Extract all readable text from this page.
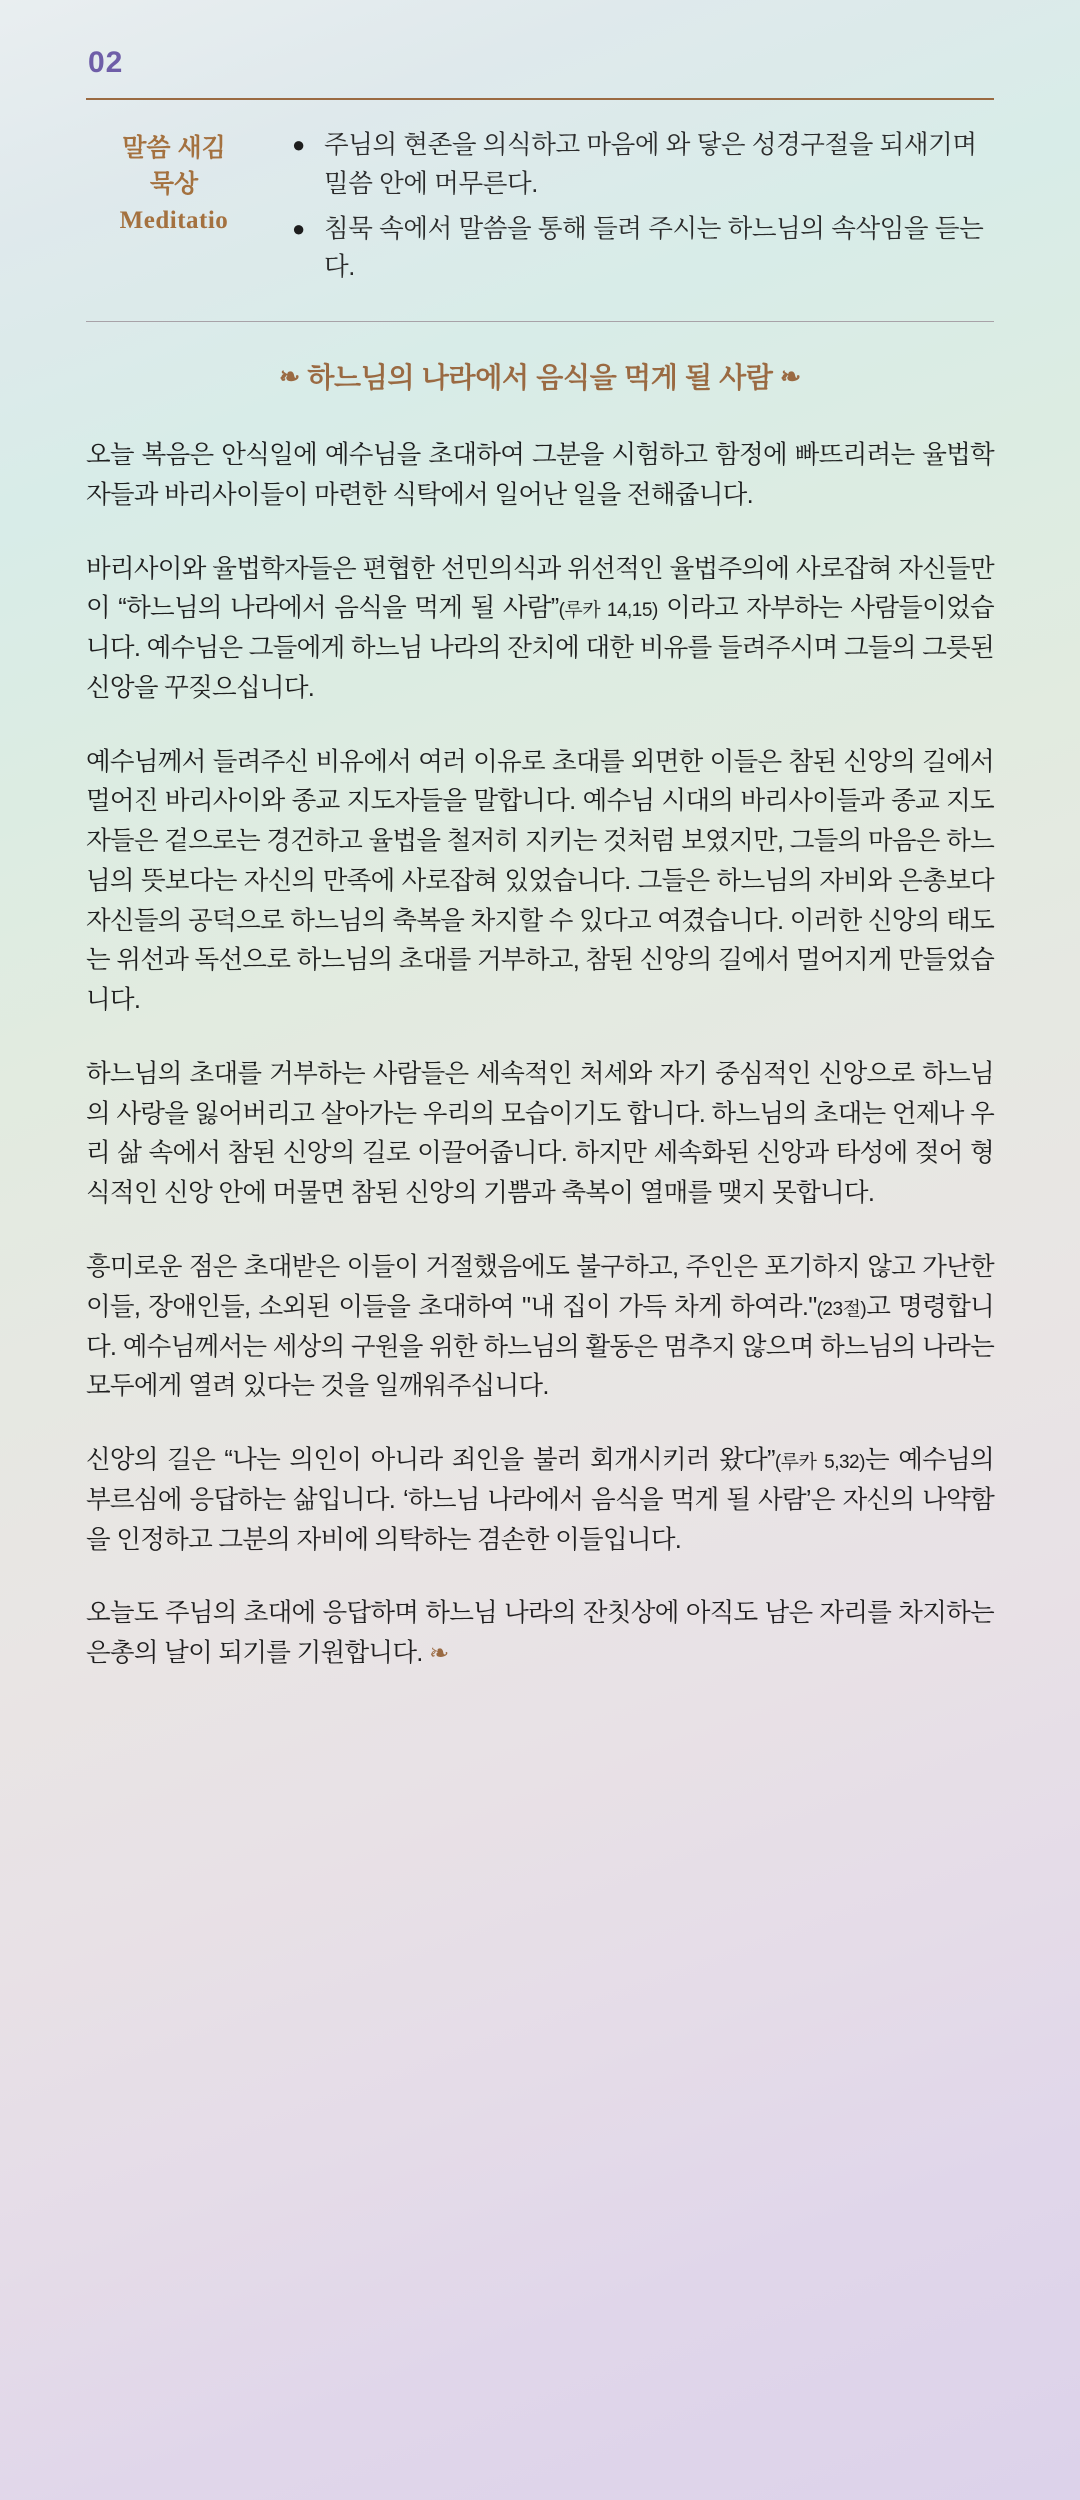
02
말씀 새김
묵상
Meditatio
● 주님의 현존을 의식하고 마음에 와 닿은 성경구절을 되새기며 밀씀 안에 머무른다.
● 침묵 속에서 말씀을 통해 들려 주시는 하느님의 속삭임을 듣는다.
❧ 하느님의 나라에서 음식을 먹게 될 사람 ❧

오늘 복음은 안식일에 예수님을 초대하여 그분을 시험하고 함정에 빠뜨리려는 율법학자들과 바리사이들이 마련한 식탁에서 일어난 일을 전해줍니다.

바리사이와 율법학자들은 편협한 선민의식과 위선적인 율법주의에 사로잡혀 자신들만이 “하느님의 나라에서 음식을 먹게 될 사람”(루카 14,15) 이라고 자부하는 사람들이었습니다. 예수님은 그들에게 하느님 나라의 잔치에 대한 비유를 들려주시며 그들의 그릇된 신앙을 꾸짖으십니다.

예수님께서 들려주신 비유에서 여러 이유로 초대를 외면한 이들은 참된 신앙의 길에서 멀어진 바리사이와 종교 지도자들을 말합니다. 예수님 시대의 바리사이들과 종교 지도자들은 겉으로는 경건하고 율법을 철저히 지키는 것처럼 보였지만, 그들의 마음은 하느님의 뜻보다는 자신의 만족에 사로잡혀 있었습니다. 그들은 하느님의 자비와 은총보다 자신들의 공덕으로 하느님의 축복을 차지할 수 있다고 여겼습니다. 이러한 신앙의 태도는 위선과 독선으로 하느님의 초대를 거부하고, 참된 신앙의 길에서 멀어지게 만들었습니다.

하느님의 초대를 거부하는 사람들은 세속적인 처세와 자기 중심적인 신앙으로 하느님의 사랑을 잃어버리고 살아가는 우리의 모습이기도 합니다. 하느님의 초대는 언제나 우리 삶 속에서 참된 신앙의 길로 이끌어줍니다. 하지만 세속화된 신앙과 타성에 젖어 형식적인 신앙 안에 머물면 참된 신앙의 기쁨과 축복이 열매를 맺지 못합니다.

흥미로운 점은 초대받은 이들이 거절했음에도 불구하고, 주인은 포기하지 않고 가난한 이들, 장애인들, 소외된 이들을 초대하여 "내 집이 가득 차게 하여라."(23절)고 명령합니다. 예수님께서는 세상의 구원을 위한 하느님의 활동은 멈추지 않으며 하느님의 나라는 모두에게 열려 있다는 것을 일깨워주십니다.

신앙의 길은 “나는 의인이 아니라 죄인을 불러 회개시키러 왔다”(루카 5,32)는 예수님의 부르심에 응답하는 삶입니다. ‘하느님 나라에서 음식을 먹게 될 사람’은 자신의 나약함을 인정하고 그분의 자비에 의탁하는 겸손한 이들입니다.

오늘도 주님의 초대에 응답하며 하느님 나라의 잔칫상에 아직도 남은 자리를 차지하는 은총의 날이 되기를 기원합니다. ❧
